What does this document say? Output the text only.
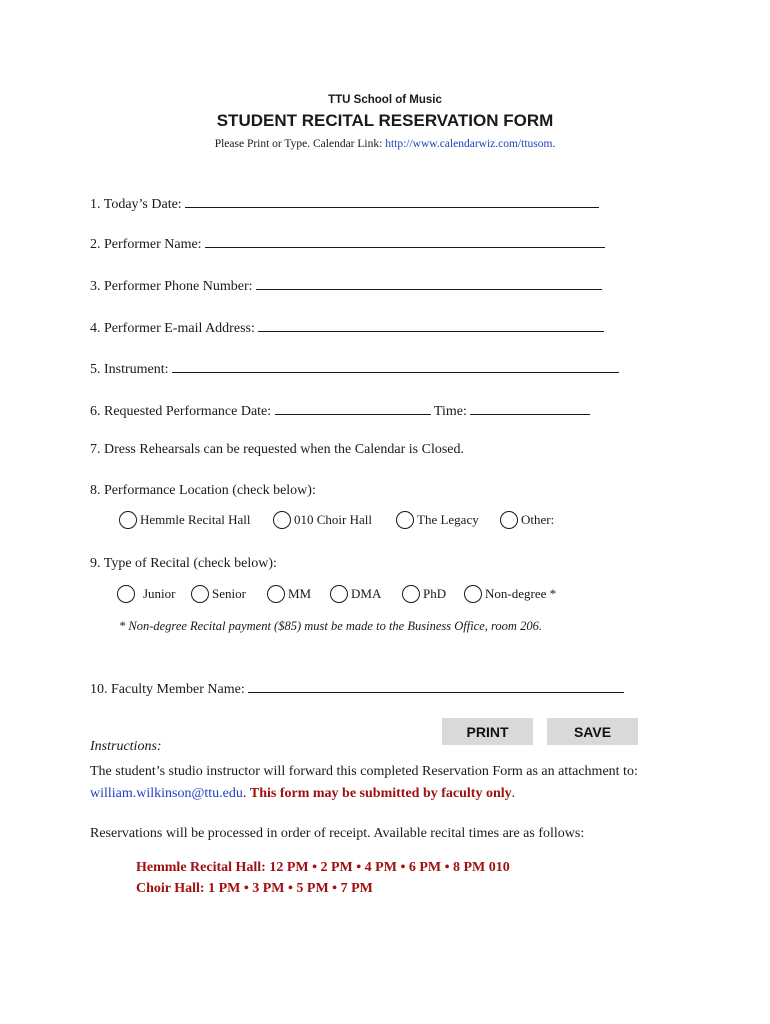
TTU School of Music
STUDENT RECITAL RESERVATION FORM
Please Print or Type. Calendar Link: http://www.calendarwiz.com/ttusom.
1. Today’s Date:
2. Performer Name:
3. Performer Phone Number:
4. Performer E-mail Address:
5. Instrument:
6. Requested Performance Date:	Time:
7. Dress Rehearsals can be requested when the Calendar is Closed.
8. Performance Location (check below):
Hemmle Recital Hall	010 Choir Hall	The Legacy	Other:
9. Type of Recital (check below):
Junior	Senior	MM	DMA	PhD	Non-degree *
* Non-degree Recital payment ($85) must be made to the Business Office, room 206.
10. Faculty Member Name:
PRINT	SAVE
Instructions:
The student’s studio instructor will forward this completed Reservation Form as an attachment to: william.wilkinson@ttu.edu. This form may be submitted by faculty only.
Reservations will be processed in order of receipt. Available recital times are as follows:
Hemmle Recital Hall: 12 PM • 2 PM • 4 PM • 6 PM • 8 PM 010
Choir Hall: 1 PM • 3 PM • 5 PM • 7 PM
